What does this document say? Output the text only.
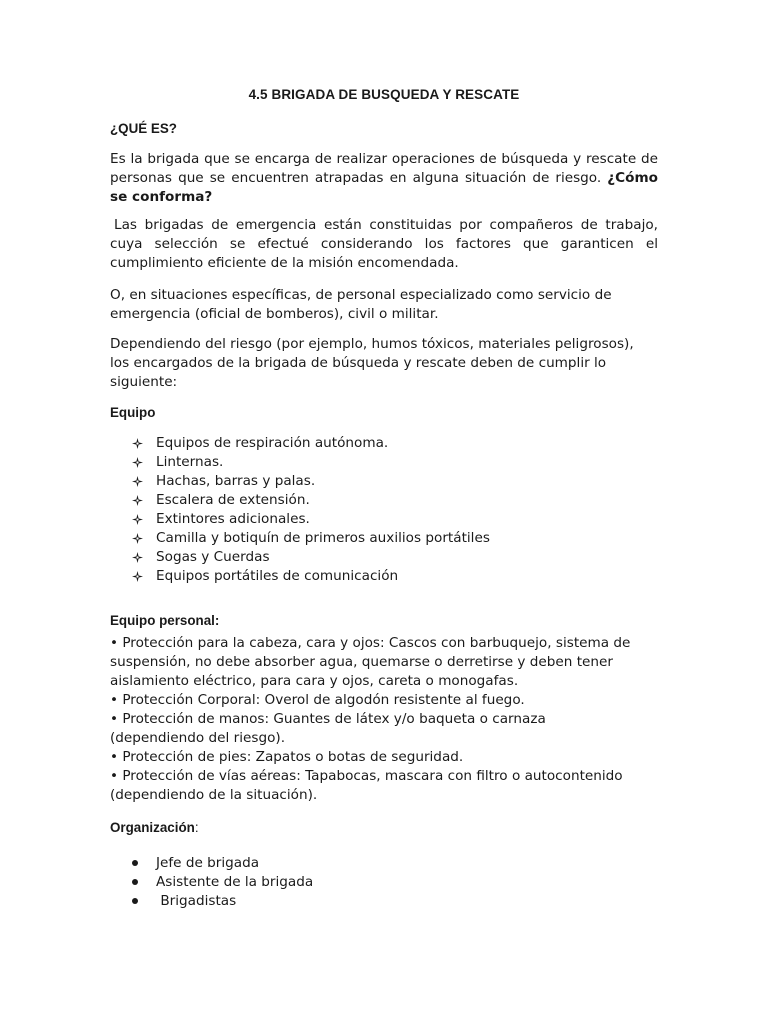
4.5 BRIGADA DE BUSQUEDA Y RESCATE
¿QUÉ ES?

Es la brigada que se encarga de realizar operaciones de búsqueda y rescate de personas que se encuentren atrapadas en alguna situación de riesgo. ¿Cómo se conforma?

Las brigadas de emergencia están constituidas por compañeros de trabajo, cuya selección se efectué considerando los factores que garanticen el cumplimiento eficiente de la misión encomendada.

O, en situaciones específicas, de personal especializado como servicio de emergencia (oficial de bomberos), civil o militar.

Dependiendo del riesgo (por ejemplo, humos tóxicos, materiales peligrosos), los encargados de la brigada de búsqueda y rescate deben de cumplir lo siguiente:

Equipo
Equipos de respiración autónoma.
Linternas.
Hachas, barras y palas.
Escalera de extensión.
Extintores adicionales.
Camilla y botiquín de primeros auxilios portátiles
Sogas y Cuerdas
Equipos portátiles de comunicación
Equipo personal:
• Protección para la cabeza, cara y ojos: Cascos con barbuquejo, sistema de
suspensión, no debe absorber agua, quemarse o derretirse y deben tener
aislamiento eléctrico, para cara y ojos, careta o monogafas.
• Protección Corporal: Overol de algodón resistente al fuego.
• Protección de manos: Guantes de látex y/o baqueta o carnaza
(dependiendo del riesgo).
• Protección de pies: Zapatos o botas de seguridad.
• Protección de vías aéreas: Tapabocas, mascara con filtro o autocontenido
(dependiendo de la situación).
Organización:
Jefe de brigada
Asistente de la brigada
Brigadistas
